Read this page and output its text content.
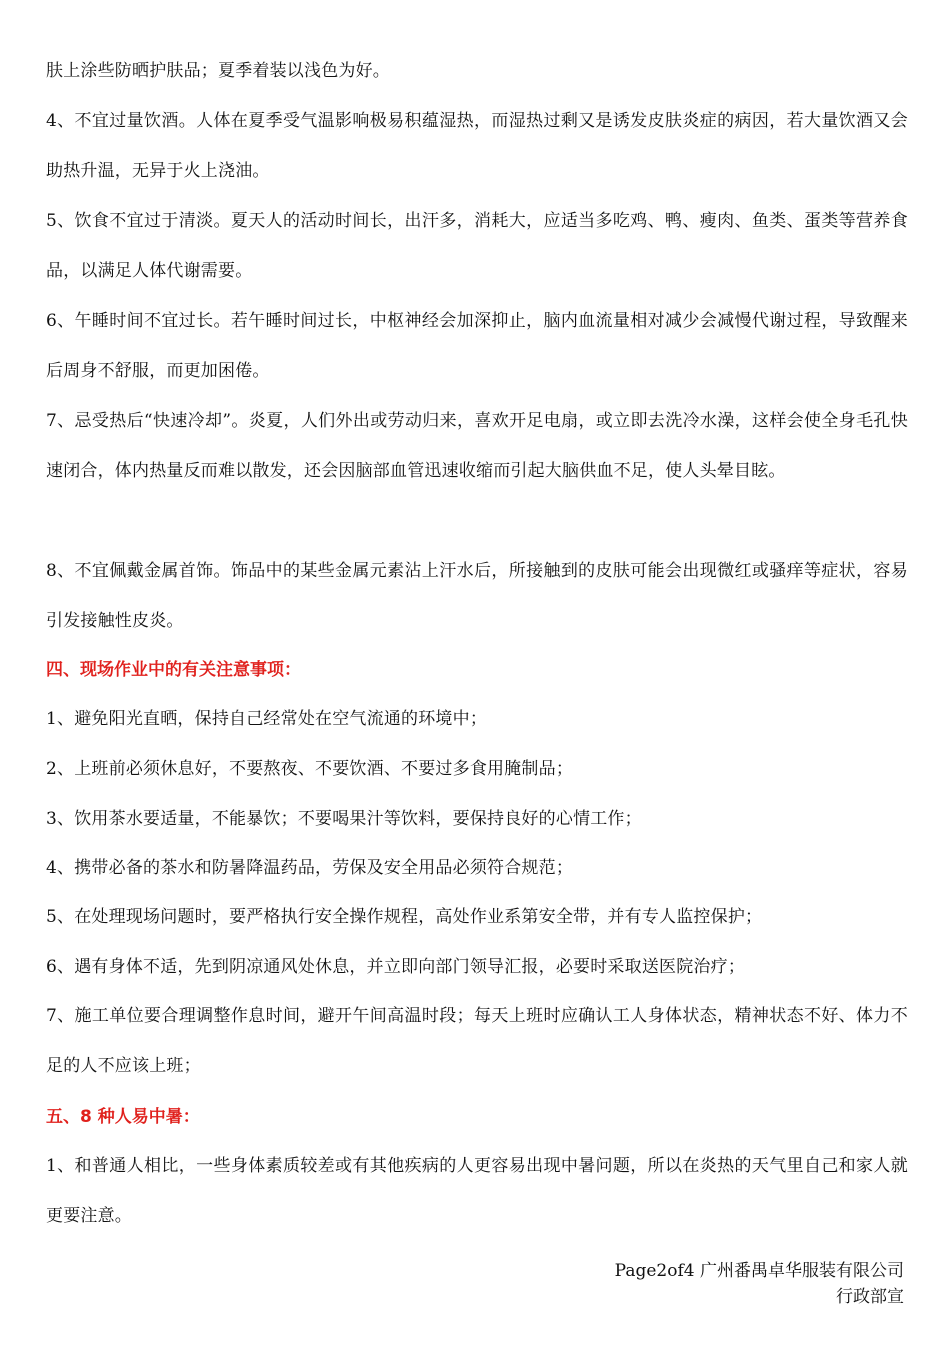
肤上涂些防晒护肤品；夏季着装以浅色为好。

4、不宜过量饮酒。人体在夏季受气温影响极易积蕴湿热，而湿热过剩又是诱发皮肤炎症的病因，若大量饮酒又会助热升温，无异于火上浇油。

5、饮食不宜过于清淡。夏天人的活动时间长，出汗多，消耗大，应适当多吃鸡、鸭、瘦肉、鱼类、蛋类等营养食品，以满足人体代谢需要。

6、午睡时间不宜过长。若午睡时间过长，中枢神经会加深抑止，脑内血流量相对减少会减慢代谢过程，导致醒来后周身不舒服，而更加困倦。

7、忌受热后“快速冷却”。炎夏，人们外出或劳动归来，喜欢开足电扇，或立即去洗冷水澡，这样会使全身毛孔快速闭合，体内热量反而难以散发，还会因脑部血管迅速收缩而引起大脑供血不足，使人头晕目眩。

8、不宜佩戴金属首饰。饰品中的某些金属元素沾上汗水后，所接触到的皮肤可能会出现微红或骚痒等症状，容易引发接触性皮炎。

四、现场作业中的有关注意事项：

1、避免阳光直晒，保持自己经常处在空气流通的环境中；

2、上班前必须休息好，不要熬夜、不要饮酒、不要过多食用腌制品；

3、饮用茶水要适量，不能暴饮；不要喝果汁等饮料，要保持良好的心情工作；

4、携带必备的茶水和防暑降温药品，劳保及安全用品必须符合规范；

5、在处理现场问题时，要严格执行安全操作规程，高处作业系第安全带，并有专人监控保护；

6、遇有身体不适，先到阴凉通风处休息，并立即向部门领导汇报，必要时采取送医院治疗；

7、施工单位要合理调整作息时间，避开午间高温时段；每天上班时应确认工人身体状态，精神状态不好、体力不足的人不应该上班；

五、8 种人易中暑：

1、和普通人相比，一些身体素质较差或有其他疾病的人更容易出现中暑问题，所以在炎热的天气里自己和家人就更要注意。

Page2of4 广州番禺卓华服装有限公司
行政部宣
